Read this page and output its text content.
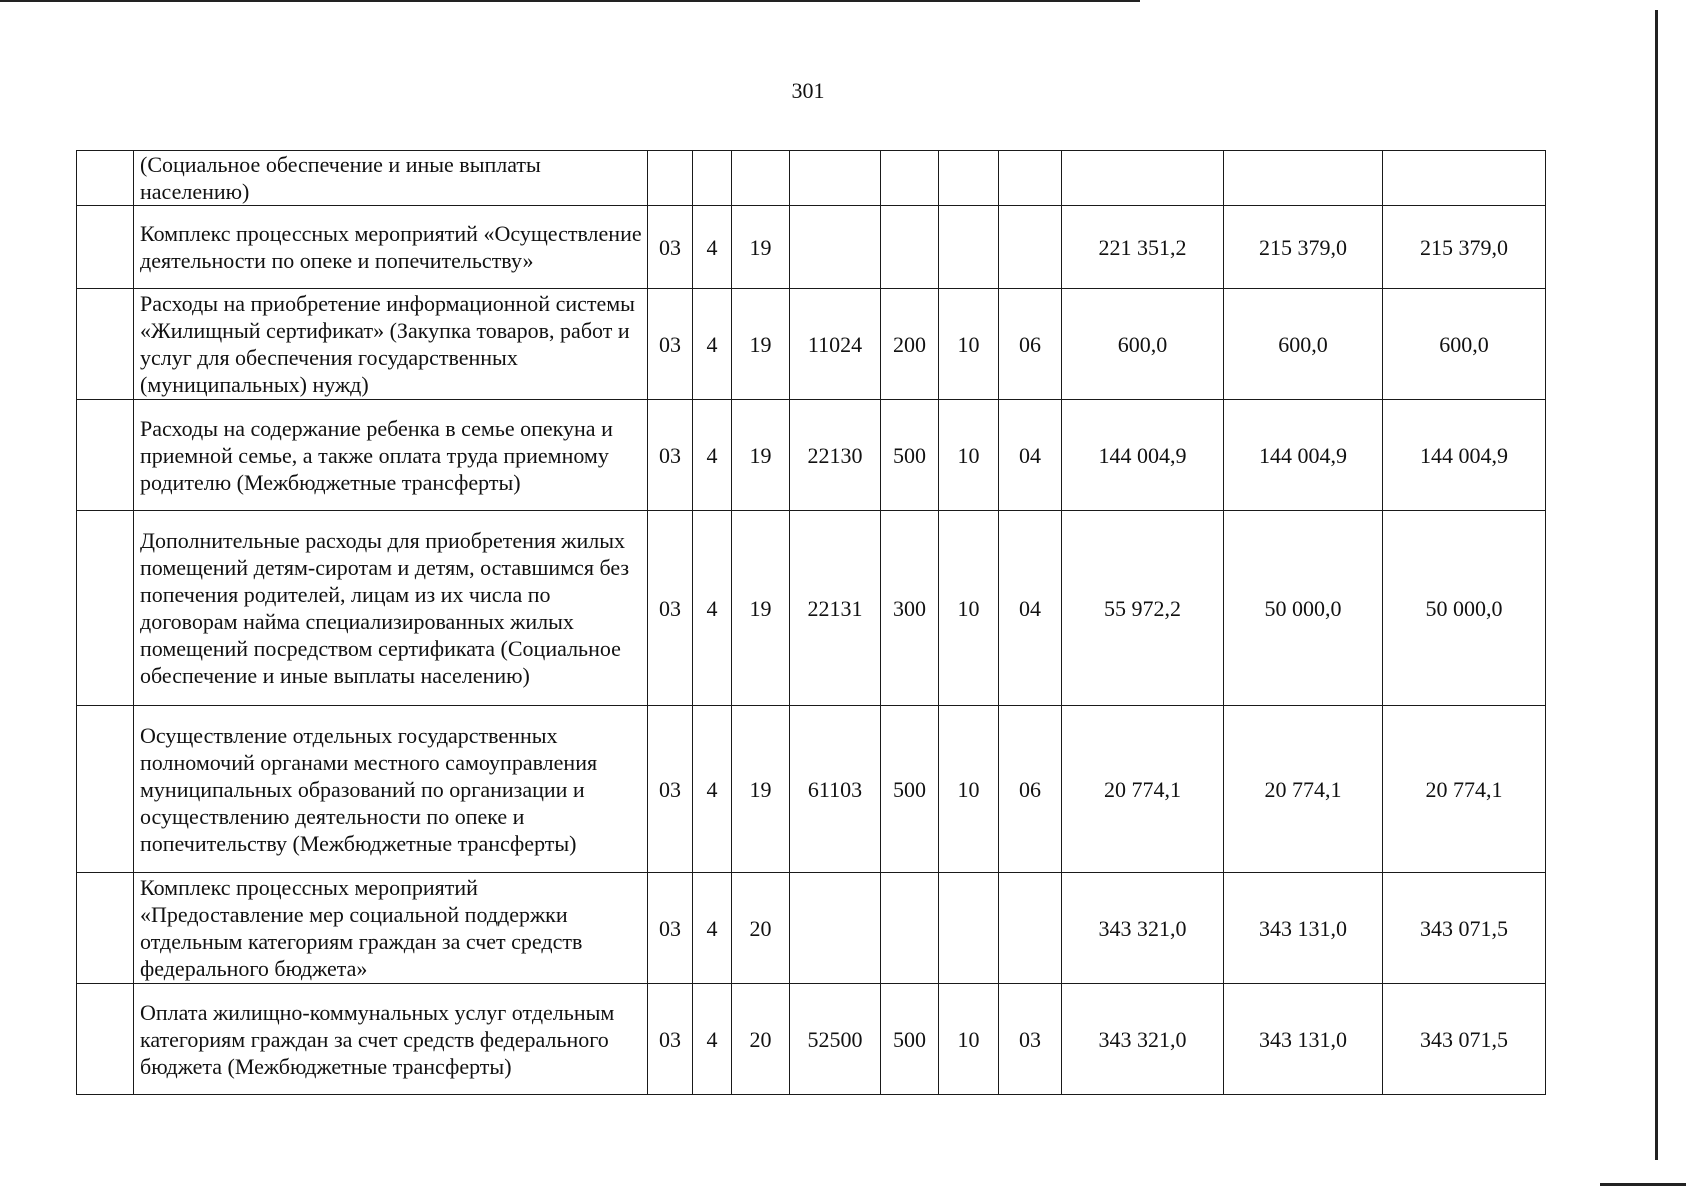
301
	(Социальное обеспечение и иные выплаты населению)										
	Комплекс процессных мероприятий «Осуществление деятельности по опеке и попечительству»	03	4	19					221 351,2	215 379,0	215 379,0
	Расходы на приобретение информационной системы «Жилищный сертификат» (Закупка товаров, работ и услуг для обеспечения государственных (муниципальных) нужд)	03	4	19	11024	200	10	06	600,0	600,0	600,0
	Расходы на содержание ребенка в семье опекуна и приемной семье, а также оплата труда приемному родителю (Межбюджетные трансферты)	03	4	19	22130	500	10	04	144 004,9	144 004,9	144 004,9
	Дополнительные расходы для приобретения жилых помещений детям-сиротам и детям, оставшимся без попечения родителей, лицам из их числа по договорам найма специализированных жилых помещений посредством сертификата (Социальное обеспечение и иные выплаты населению)	03	4	19	22131	300	10	04	55 972,2	50 000,0	50 000,0
	Осуществление отдельных государственных полномочий органами местного самоуправления муниципальных образований по организации и осуществлению деятельности по опеке и попечительству (Межбюджетные трансферты)	03	4	19	61103	500	10	06	20 774,1	20 774,1	20 774,1
	Комплекс процессных мероприятий «Предоставление мер социальной поддержки отдельным категориям граждан за счет средств федерального бюджета»	03	4	20					343 321,0	343 131,0	343 071,5
	Оплата жилищно-коммунальных услуг отдельным категориям граждан за счет средств федерального бюджета (Межбюджетные трансферты)	03	4	20	52500	500	10	03	343 321,0	343 131,0	343 071,5
